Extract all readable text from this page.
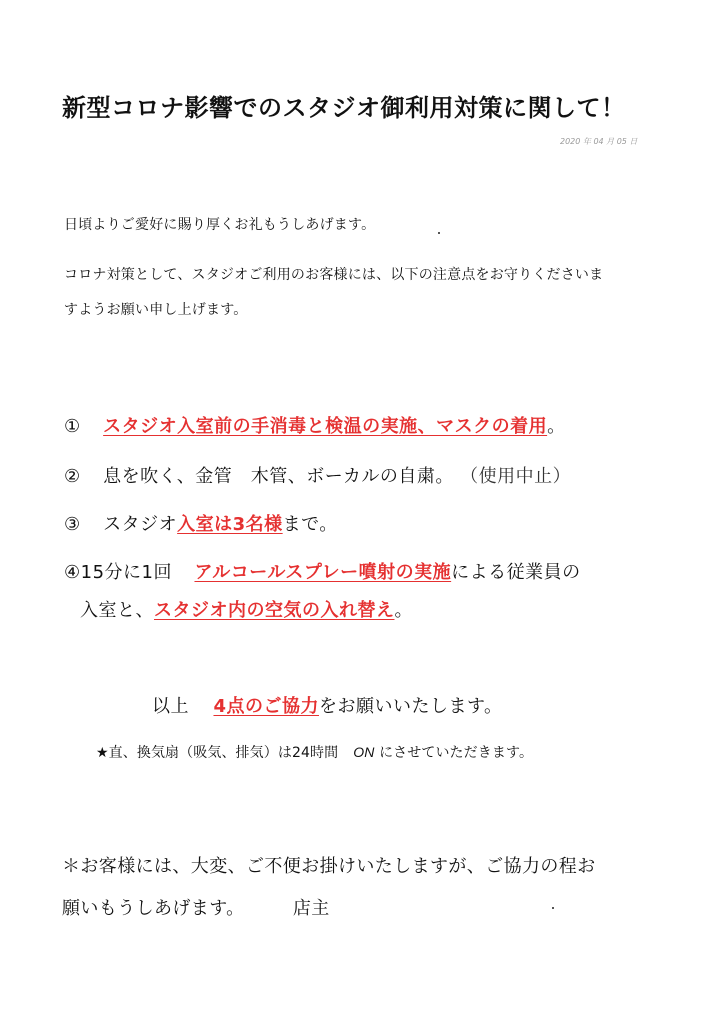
新型コロナ影響でのスタジオ御利用対策に関して！
2020 年 04 月 05 日
日頃よりご愛好に賜り厚くお礼もうしあげます。
コロナ対策として、スタジオご利用のお客様には、以下の注意点をお守りくださいま
すようお願い申し上げます。
① スタジオ入室前の手消毒と検温の実施、マスクの着用。
② 息を吹く、金管　木管、ボーカルの自粛。 （使用中止）
③ スタジオ入室は3名様まで。
④15分に1回 アルコールスプレー噴射の実施による従業員の
入室と、スタジオ内の空気の入れ替え。
以上 4点のご協力をお願いいたします。
★直、換気扇（吸気、排気）は24時間 ON にさせていただきます。
＊お客様には、大変、ご不便お掛けいたしますが、ご協力の程お
願いもうしあげます。	店主
